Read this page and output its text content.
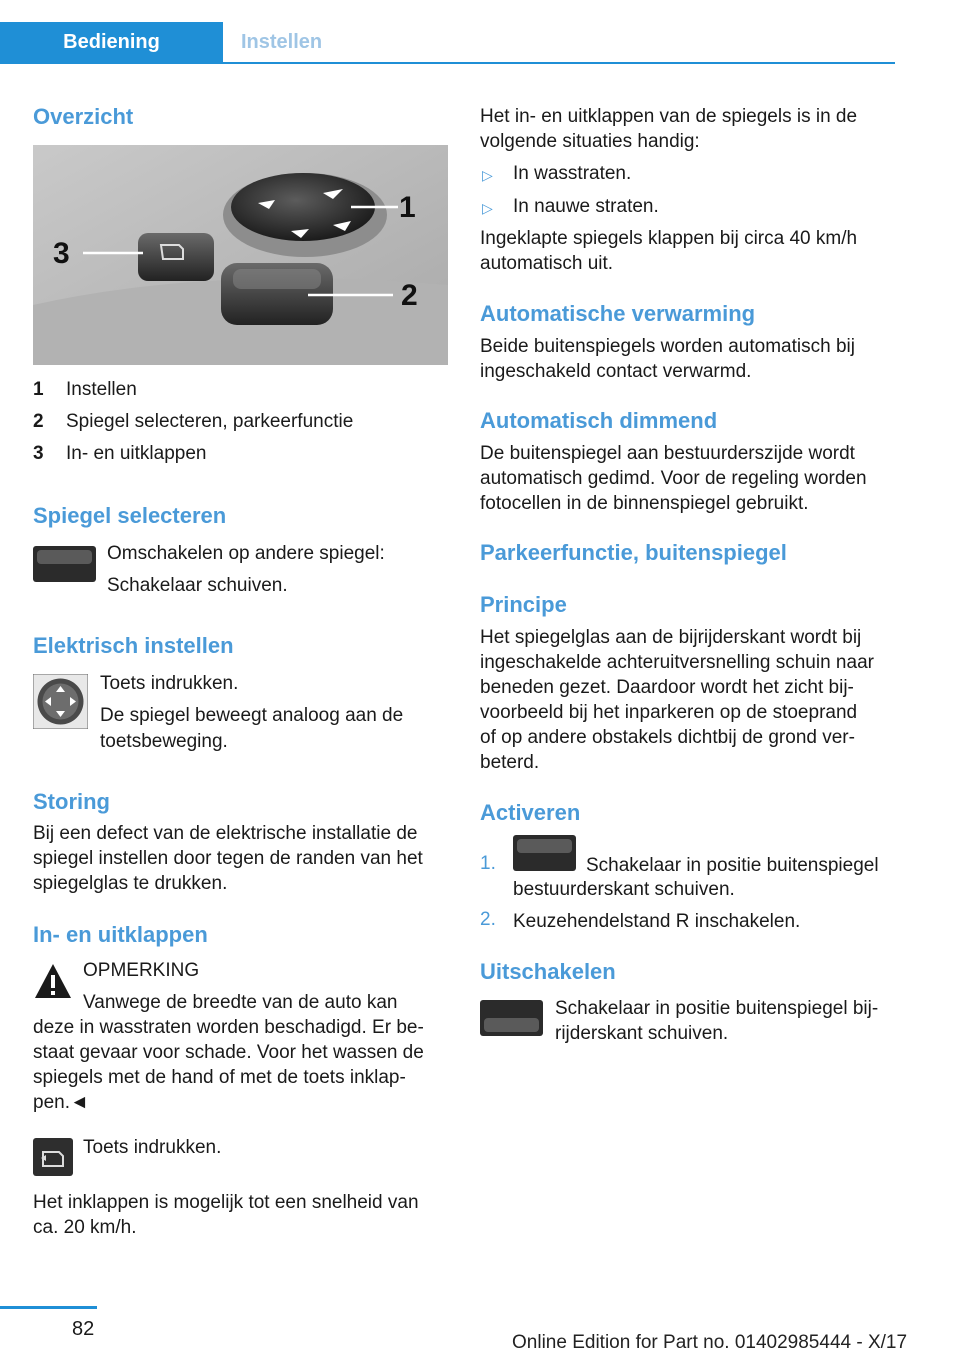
Bediening	Instellen
Overzicht
1
2
3
1 Instellen
2 Spiegel selecteren, parkeerfunctie
3 In- en uitklappen
Spiegel selecteren
Omschakelen op andere spiegel:
Schakelaar schuiven.
Elektrisch instellen
Toets indrukken.
De spiegel beweegt analoog aan de
toetsbeweging.
Storing
Bij een defect van de elektrische installatie de
spiegel instellen door tegen de randen van het
spiegelglas te drukken.
In- en uitklappen
OPMERKING
Vanwege de breedte van de auto kan
deze in wasstraten worden beschadigd. Er be-
staat gevaar voor schade. Voor het wassen de
spiegels met de hand of met de toets inklap-
pen.◄
Toets indrukken.
Het inklappen is mogelijk tot een snelheid van
ca. 20 km/h.
Het in- en uitklappen van de spiegels is in de
volgende situaties handig:
▷ In wasstraten.
▷ In nauwe straten.
Ingeklapte spiegels klappen bij circa 40 km/h
automatisch uit.
Automatische verwarming
Beide buitenspiegels worden automatisch bij
ingeschakeld contact verwarmd.
Automatisch dimmend
De buitenspiegel aan bestuurderszijde wordt
automatisch gedimd. Voor de regeling worden
fotocellen in de binnenspiegel gebruikt.
Parkeerfunctie, buitenspiegel
Principe
Het spiegelglas aan de bijrijderskant wordt bij
ingeschakelde achteruitversnelling schuin naar
beneden gezet. Daardoor wordt het zicht bij-
voorbeeld bij het inparkeren op de stoeprand
of op andere obstakels dichtbij de grond ver-
beterd.
Activeren
1.	Schakelaar in positie buitenspiegel
bestuurderskant schuiven.
2. Keuzehendelstand R inschakelen.
Uitschakelen
Schakelaar in positie buitenspiegel bij-
rijderskant schuiven.
82
Online Edition for Part no. 01402985444 - X/17
